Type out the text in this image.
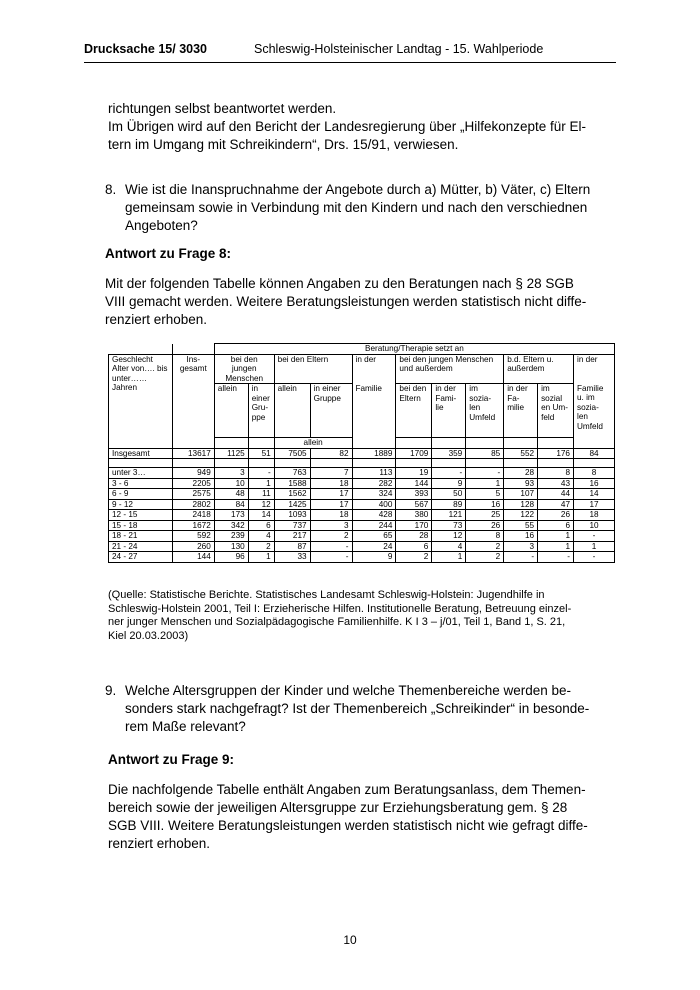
Drucksache 15/ 3030	Schleswig-Holsteinischer Landtag - 15. Wahlperiode
richtungen selbst beantwortet werden.
Im Übrigen wird auf den Bericht der Landesregierung über „Hilfekonzepte für El-
tern im Umgang mit Schreikindern“, Drs. 15/91, verwiesen.
8. Wie ist die Inanspruchnahme der Angebote durch a) Mütter, b) Väter, c) Eltern
gemeinsam sowie in Verbindung mit den Kindern und nach den verschiednen
Angeboten?
Antwort zu Frage 8:
Mit der folgenden Tabelle können Angaben zu den Beratungen nach § 28 SGB
VIII gemacht werden. Weitere Beratungsleistungen werden statistisch nicht diffe-
renziert erhoben.
		Beratung/Therapie setzt an										
Geschlecht Alter von…. bis unter…… Jahren	Ins- gesamt	bei den jungen Menschen		bei den Eltern		in der	bei den jungen Menschen und außerdem			b.d. Eltern u. außerdem		in der
		allein	in einer Gru- ppe	allein	in einer Gruppe	Familie	bei den Eltern	in der Fami- lie	im sozia- len Umfeld	in der Fa- milie	im sozial en Um- feld	Familie u. im sozia- len Umfeld
				allein								
Insgesamt	13617	1125	51	7505	82	1889	1709	359	85	552	176	84

unter 3…	949	3	-	763	7	113	19	-	-	28	8	8
3 - 6	2205	10	1	1588	18	282	144	9	1	93	43	16
6 - 9	2575	48	11	1562	17	324	393	50	5	107	44	14
9 - 12	2802	84	12	1425	17	400	567	89	16	128	47	17
12 - 15	2418	173	14	1093	18	428	380	121	25	122	26	18
15 - 18	1672	342	6	737	3	244	170	73	26	55	6	10
18 - 21	592	239	4	217	2	65	28	12	8	16	1	-
21 - 24	260	130	2	87	-	24	6	4	2	3	1	1
24 - 27	144	96	1	33	-	9	2	1	2	-	-	-
(Quelle: Statistische Berichte. Statistisches Landesamt Schleswig-Holstein: Jugendhilfe in
Schleswig-Holstein 2001, Teil I: Erzieherische Hilfen. Institutionelle Beratung, Betreuung einzel-
ner junger Menschen und Sozialpädagogische Familienhilfe. K I 3 – j/01, Teil 1, Band 1, S. 21,
Kiel 20.03.2003)
9. Welche Altersgruppen der Kinder und welche Themenbereiche werden be-
sonders stark nachgefragt? Ist der Themenbereich „Schreikinder“ in besonde-
rem Maße relevant?
Antwort zu Frage 9:
Die nachfolgende Tabelle enthält Angaben zum Beratungsanlass, dem Themen-
bereich sowie der jeweiligen Altersgruppe zur Erziehungsberatung gem. § 28
SGB VIII. Weitere Beratungsleistungen werden statistisch nicht wie gefragt diffe-
renziert erhoben.
10
